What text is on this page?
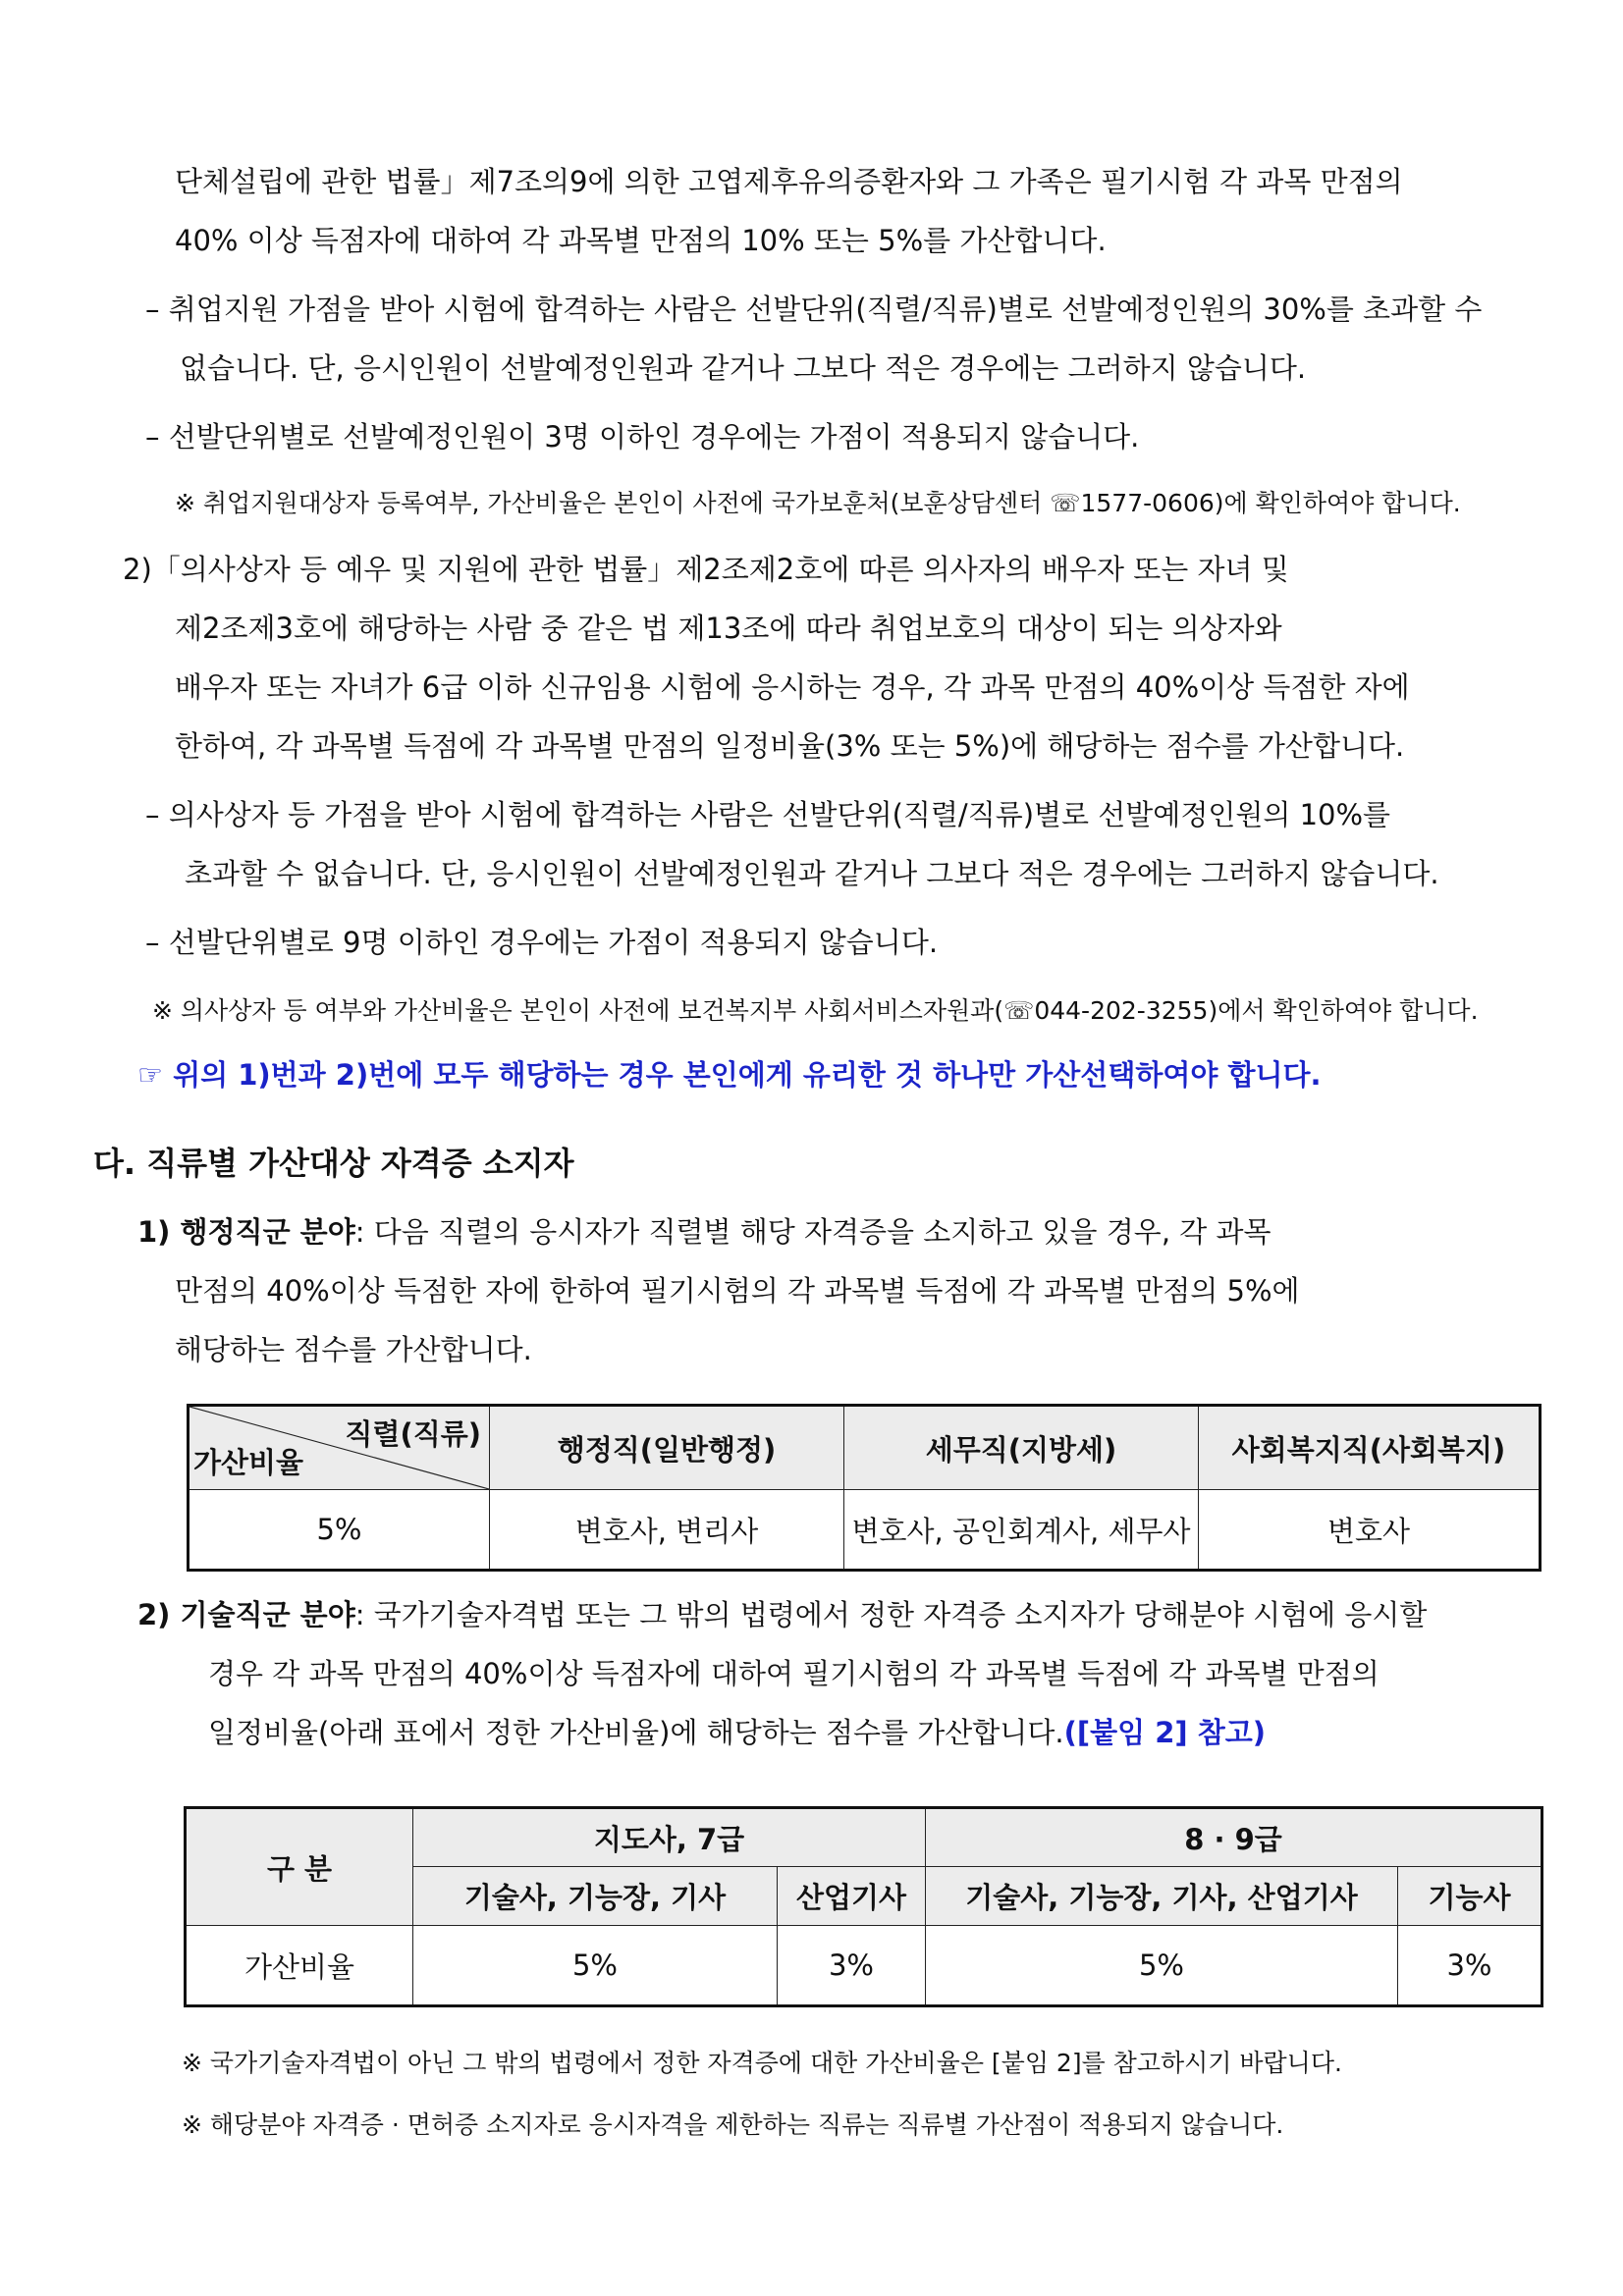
단체설립에 관한 법률」제7조의9에 의한 고엽제후유의증환자와 그 가족은 필기시험 각 과목 만점의
40% 이상 득점자에 대하여 각 과목별 만점의 10% 또는 5%를 가산합니다.
– 취업지원 가점을 받아 시험에 합격하는 사람은 선발단위(직렬/직류)별로 선발예정인원의 30%를 초과할 수
없습니다. 단, 응시인원이 선발예정인원과 같거나 그보다 적은 경우에는 그러하지 않습니다.
– 선발단위별로 선발예정인원이 3명 이하인 경우에는 가점이 적용되지 않습니다.
※ 취업지원대상자 등록여부, 가산비율은 본인이 사전에 국가보훈처(보훈상담센터 ☏1577-0606)에 확인하여야 합니다.
2)「의사상자 등 예우 및 지원에 관한 법률」제2조제2호에 따른 의사자의 배우자 또는 자녀 및
제2조제3호에 해당하는 사람 중 같은 법 제13조에 따라 취업보호의 대상이 되는 의상자와
배우자 또는 자녀가 6급 이하 신규임용 시험에 응시하는 경우, 각 과목 만점의 40%이상 득점한 자에
한하여, 각 과목별 득점에 각 과목별 만점의 일정비율(3% 또는 5%)에 해당하는 점수를 가산합니다.
– 의사상자 등 가점을 받아 시험에 합격하는 사람은 선발단위(직렬/직류)별로 선발예정인원의 10%를
초과할 수 없습니다. 단, 응시인원이 선발예정인원과 같거나 그보다 적은 경우에는 그러하지 않습니다.
– 선발단위별로 9명 이하인 경우에는 가점이 적용되지 않습니다.
※ 의사상자 등 여부와 가산비율은 본인이 사전에 보건복지부 사회서비스자원과(☏044-202-3255)에서 확인하여야 합니다.
☞ 위의 1)번과 2)번에 모두 해당하는 경우 본인에게 유리한 것 하나만 가산선택하여야 합니다.
다. 직류별 가산대상 자격증 소지자
1) 행정직군 분야: 다음 직렬의 응시자가 직렬별 해당 자격증을 소지하고 있을 경우, 각 과목
만점의 40%이상 득점한 자에 한하여 필기시험의 각 과목별 득점에 각 과목별 만점의 5%에
해당하는 점수를 가산합니다.
직렬(직류)
가산비율	행정직(일반행정)	세무직(지방세)	사회복지직(사회복지)
5%	변호사, 변리사	변호사, 공인회계사, 세무사	변호사
2) 기술직군 분야: 국가기술자격법 또는 그 밖의 법령에서 정한 자격증 소지자가 당해분야 시험에 응시할
경우 각 과목 만점의 40%이상 득점자에 대하여 필기시험의 각 과목별 득점에 각 과목별 만점의
일정비율(아래 표에서 정한 가산비율)에 해당하는 점수를 가산합니다.([붙임 2] 참고)
구 분	지도사, 7급		8 · 9급	
	기술사, 기능장, 기사	산업기사	기술사, 기능장, 기사, 산업기사	기능사
가산비율	5%	3%	5%	3%
※ 국가기술자격법이 아닌 그 밖의 법령에서 정한 자격증에 대한 가산비율은 [붙임 2]를 참고하시기 바랍니다.
※ 해당분야 자격증 · 면허증 소지자로 응시자격을 제한하는 직류는 직류별 가산점이 적용되지 않습니다.
